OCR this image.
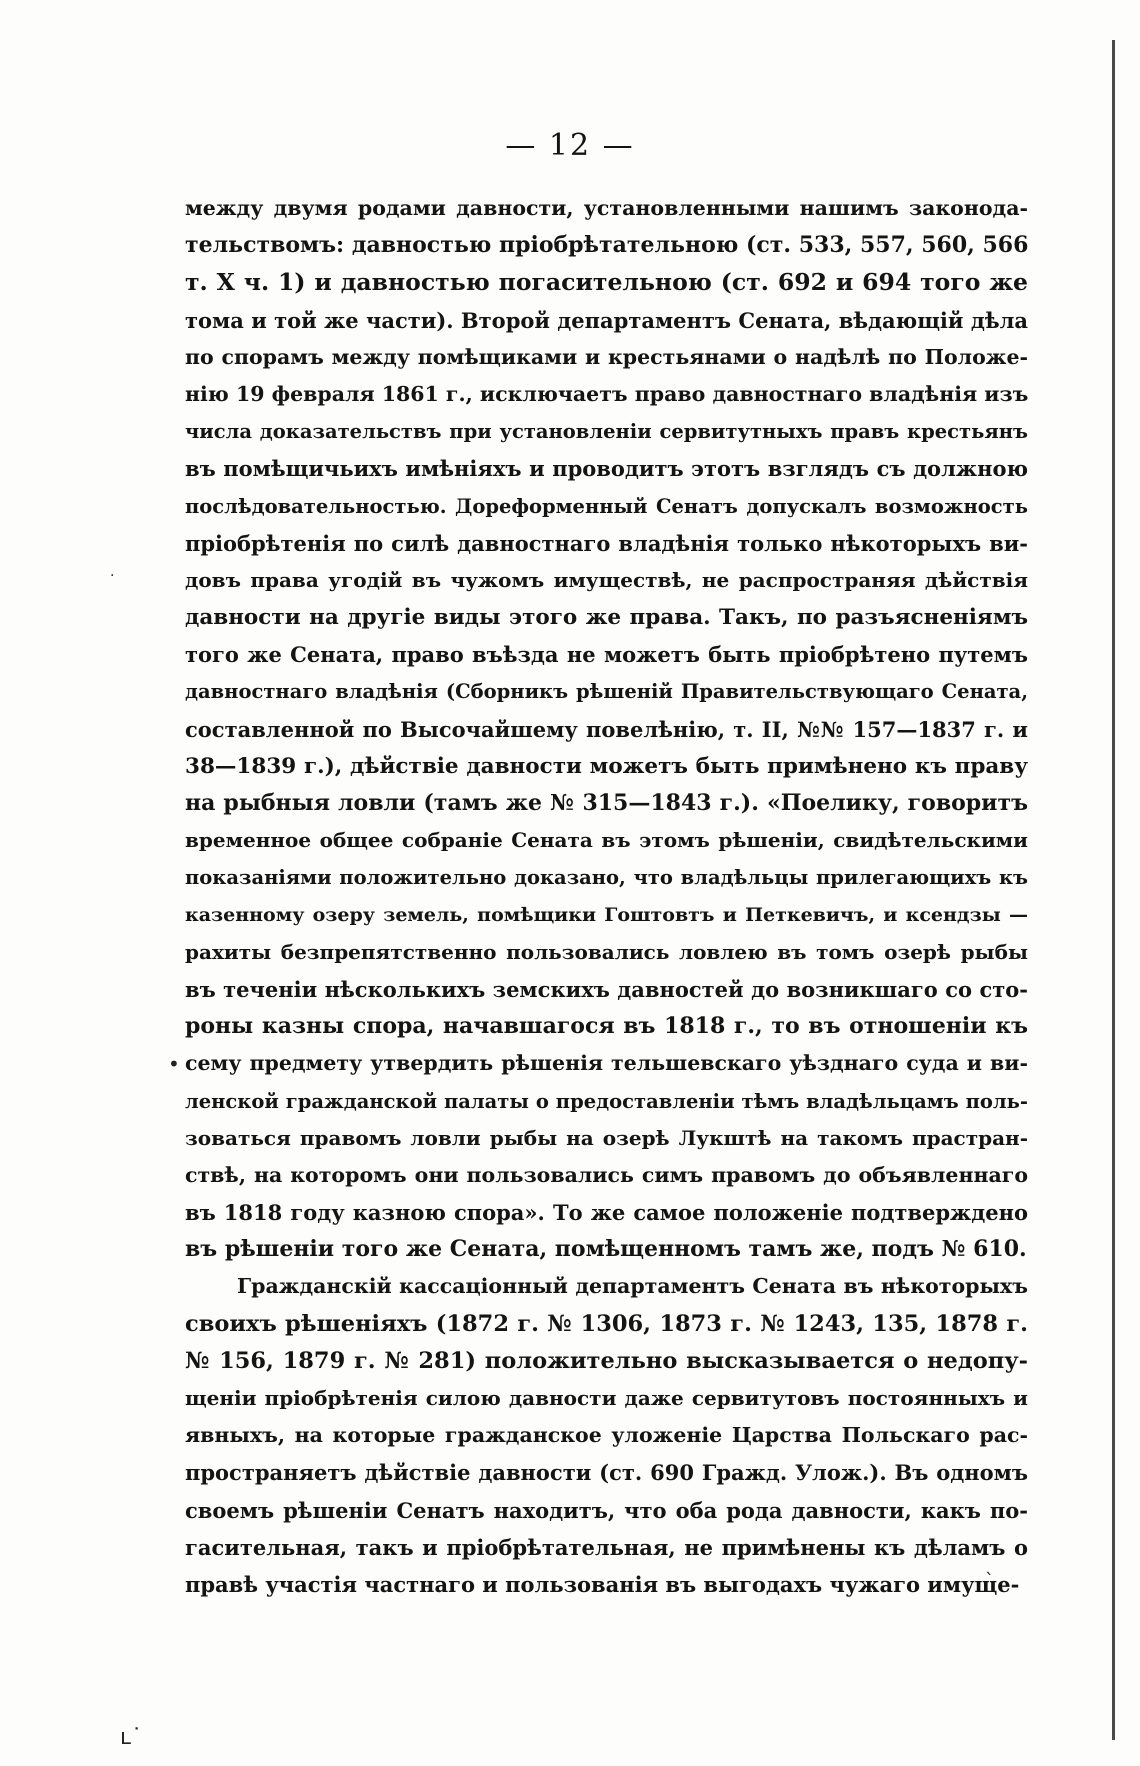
— 12 —
между двумя родами давности, установленными нашимъ законода-
тельствомъ: давностью пріобрѣтательною (ст. 533, 557, 560, 566
т. X ч. 1) и давностью погасительною (ст. 692 и 694 того же
тома и той же части). Второй департаментъ Сената, вѣдающій дѣла
по спорамъ между помѣщиками и крестьянами о надѣлѣ по Положе-
нію 19 февраля 1861 г., исключаетъ право давностнаго владѣнія изъ
числа доказательствъ при установленіи сервитутныхъ правъ крестьянъ
въ помѣщичьихъ имѣніяхъ и проводитъ этотъ взглядъ съ должною
послѣдовательностью. Дореформенный Сенатъ допускалъ возможность
пріобрѣтенія по силѣ давностнаго владѣнія только нѣкоторыхъ ви-
довъ права угодій въ чужомъ имуществѣ, не распространяя дѣйствія
давности на другіе виды этого же права. Такъ, по разъясненіямъ
того же Сената, право въѣзда не можетъ быть пріобрѣтено путемъ
давностнаго владѣнія (Сборникъ рѣшеній Правительствующаго Сената,
составленной по Высочайшему повелѣнію, т. II, №№ 157—1837 г. и
38—1839 г.), дѣйствіе давности можетъ быть примѣнено къ праву
на рыбныя ловли (тамъ же № 315—1843 г.). «Поелику, говоритъ
временное общее собраніе Сената въ этомъ рѣшеніи, свидѣтельскими
показаніями положительно доказано, что владѣльцы прилегающихъ къ
казенному озеру земель, помѣщики Гоштовтъ и Петкевичъ, и ксендзы —
рахиты безпрепятственно пользовались ловлею въ томъ озерѣ рыбы
въ теченіи нѣсколькихъ земскихъ давностей до возникшаго со сто-
роны казны спора, начавшагося въ 1818 г., то въ отношеніи къ
сему предмету утвердить рѣшенія тельшевскаго уѣзднаго суда и ви-
ленской гражданской палаты о предоставленіи тѣмъ владѣльцамъ поль-
зоваться правомъ ловли рыбы на озерѣ Лукштѣ на такомъ прастран-
ствѣ, на которомъ они пользовались симъ правомъ до объявленнаго
въ 1818 году казною спора». То же самое положеніе подтверждено
въ рѣшеніи того же Сената, помѣщенномъ тамъ же, подъ № 610.
Гражданскій кассаціонный департаментъ Сената въ нѣкоторыхъ
своихъ рѣшеніяхъ (1872 г. № 1306, 1873 г. № 1243, 135, 1878 г.
№ 156, 1879 г. № 281) положительно высказывается о недопу-
щеніи пріобрѣтенія силою давности даже сервитутовъ постоянныхъ и
явныхъ, на которые гражданское уложеніе Царства Польскаго рас-
пространяетъ дѣйствіе давности (ст. 690 Гражд. Улож.). Въ одномъ
своемъ рѣшеніи Сенатъ находитъ, что оба рода давности, какъ по-
гасительная, такъ и пріобрѣтательная, не примѣнены къ дѣламъ о
правѣ участія частнаго и пользованія въ выгодахъ чужаго имуще-
•
·
ʟ˙
ˎ
